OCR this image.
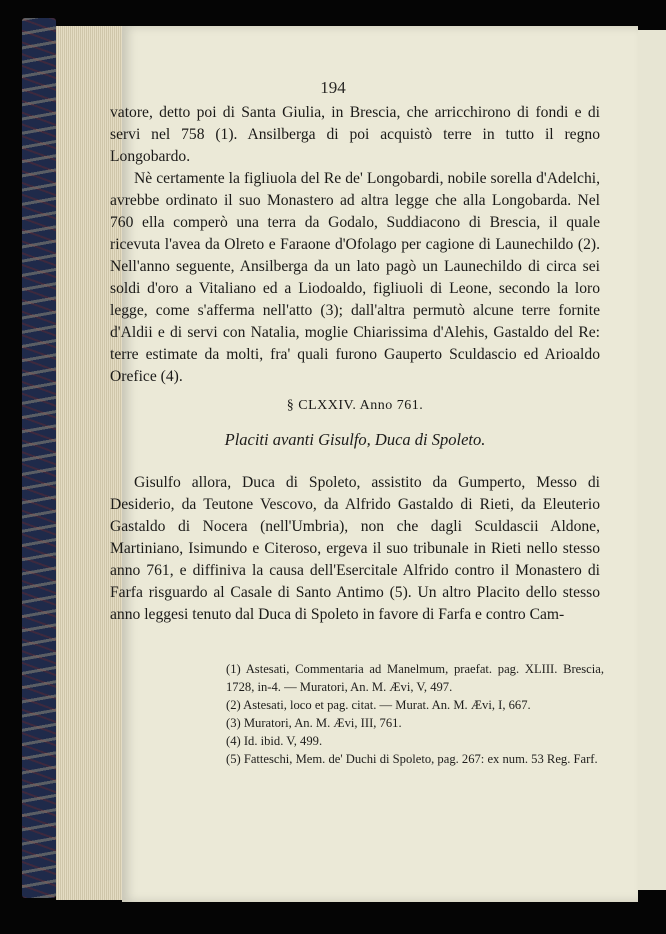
194

vatore, detto poi di Santa Giulia, in Brescia, che arricchirono di fondi e di servi nel 758 (1). Ansilberga di poi acquistò terre in tutto il regno Longobardo.

Nè certamente la figliuola del Re de' Longobardi, nobile sorella d'Adelchi, avrebbe ordinato il suo Monastero ad altra legge che alla Longobarda. Nel 760 ella comperò una terra da Godalo, Suddiacono di Brescia, il quale ricevuta l'avea da Olreto e Faraone d'Ofolago per cagione di Launechildo (2). Nell'anno seguente, Ansilberga da un lato pagò un Launechildo di circa sei soldi d'oro a Vitaliano ed a Liodoaldo, figliuoli di Leone, secondo la loro legge, come s'afferma nell'atto (3); dall'altra permutò alcune terre fornite d'Aldii e di servi con Natalia, moglie Chiarissima d'Alehis, Gastaldo del Re: terre estimate da molti, fra' quali furono Gauperto Sculdascio ed Arioaldo Orefice (4).

§ CLXXIV. Anno 761.
Placiti avanti Gisulfo, Duca di Spoleto.

Gisulfo allora, Duca di Spoleto, assistito da Gumperto, Messo di Desiderio, da Teutone Vescovo, da Alfrido Gastaldo di Rieti, da Eleuterio Gastaldo di Nocera (nell'Umbria), non che dagli Sculdascii Aldone, Martiniano, Isimundo e Citeroso, ergeva il suo tribunale in Rieti nello stesso anno 761, e diffiniva la causa dell'Esercitale Alfrido contro il Monastero di Farfa risguardo al Casale di Santo Antimo (5). Un altro Placito dello stesso anno leggesi tenuto dal Duca di Spoleto in favore di Farfa e contro Cam-

(1) Astesati, Commentaria ad Manelmum, praefat. pag. XLIII. Brescia, 1728, in-4. — Muratori, An. M. Ævi, V, 497.

(2) Astesati, loco et pag. citat. — Murat. An. M. Ævi, I, 667.

(3) Muratori, An. M. Ævi, III, 761.

(4) Id. ibid. V, 499.

(5) Fatteschi, Mem. de' Duchi di Spoleto, pag. 267: ex num. 53 Reg. Farf.
